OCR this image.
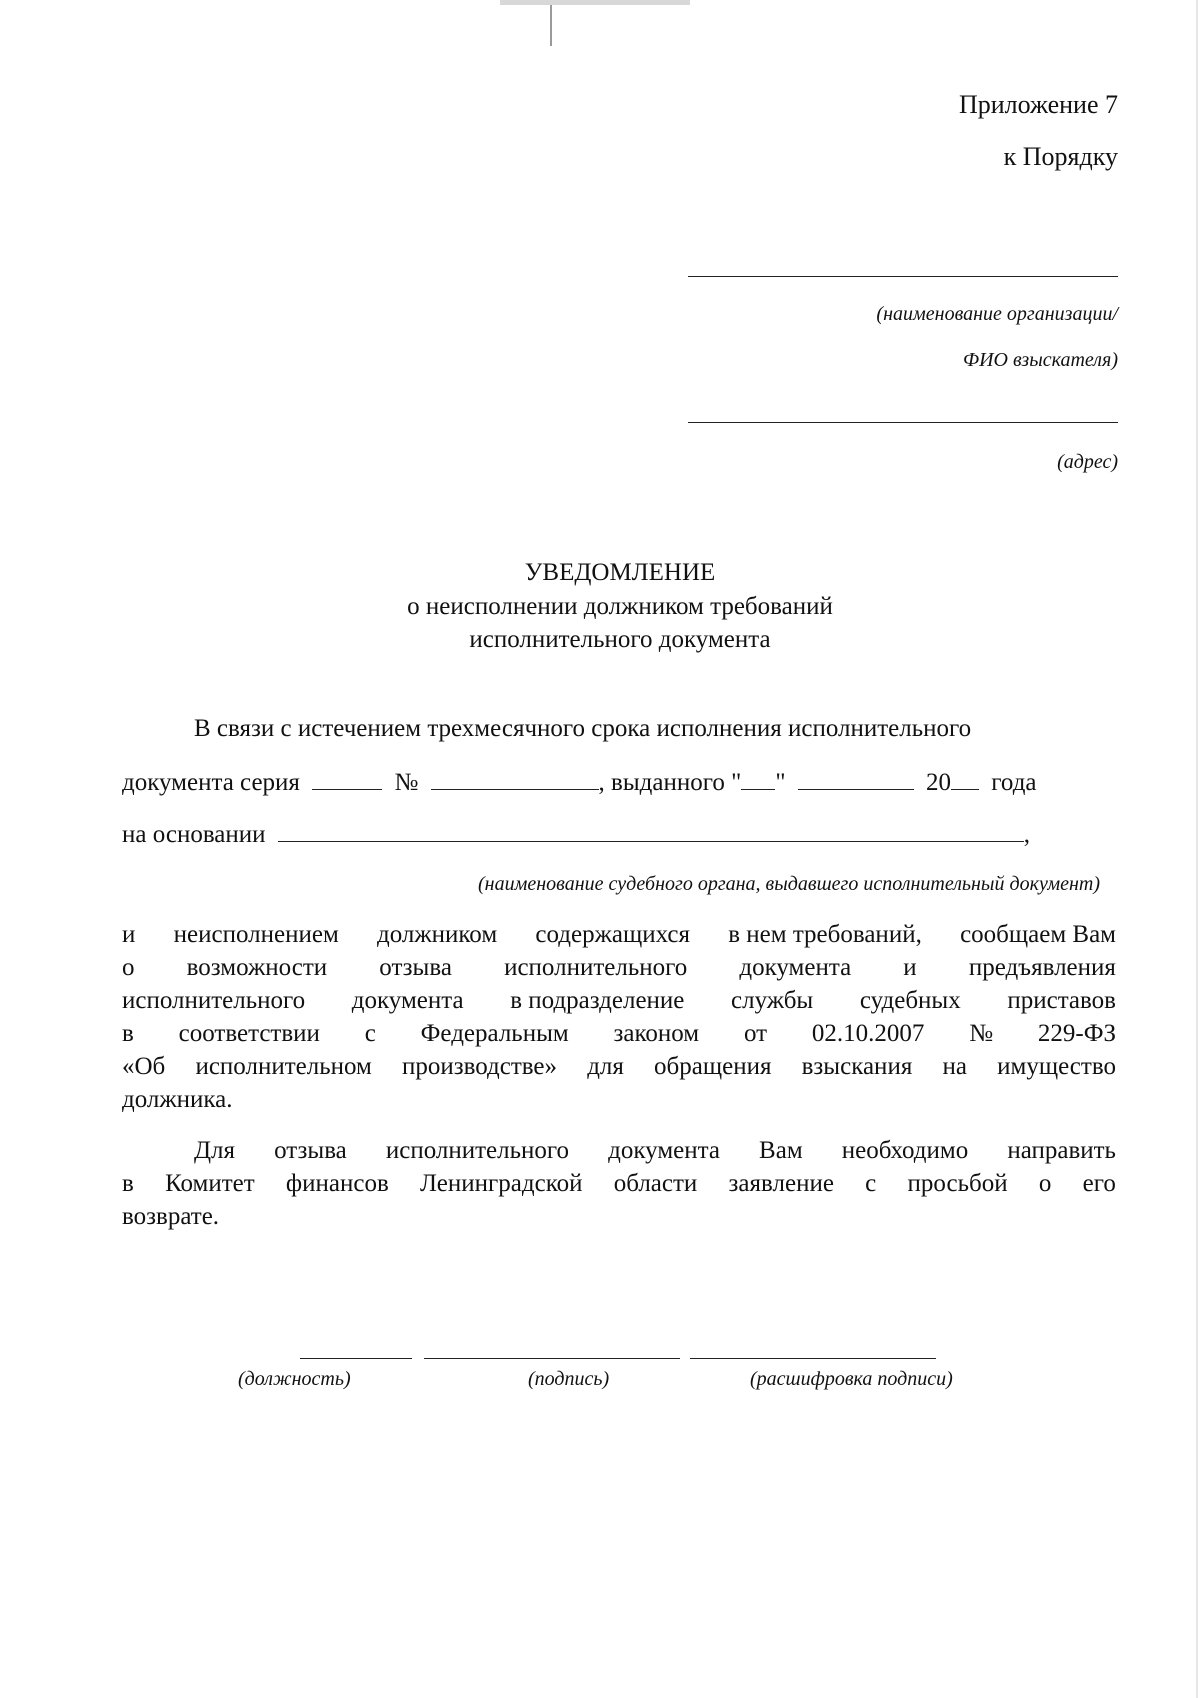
Приложение 7
к Порядку
(наименование организации/
ФИО взыскателя)
(адрес)
УВЕДОМЛЕНИЕ
о неисполнении должником требований
исполнительного документа
В связи с истечением трехмесячного срока исполнения исполнительного
документа серия	№	, выданного " "	20 года
на основании	,
(наименование судебного органа, выдавшего исполнительный документ)
и неисполнением должником содержащихся в нем требований, сообщаем Вам
о возможности отзыва исполнительного документа и предъявления
исполнительного документа в подразделение службы судебных приставов
в соответствии с Федеральным законом от 02.10.2007 № 229-ФЗ
«Об исполнительном производстве» для обращения взыскания на имущество
должника.
Для отзыва исполнительного документа Вам необходимо направить
в Комитет финансов Ленинградской области заявление с просьбой о его
возврате.
(должность)	(подпись)	(расшифровка подписи)
